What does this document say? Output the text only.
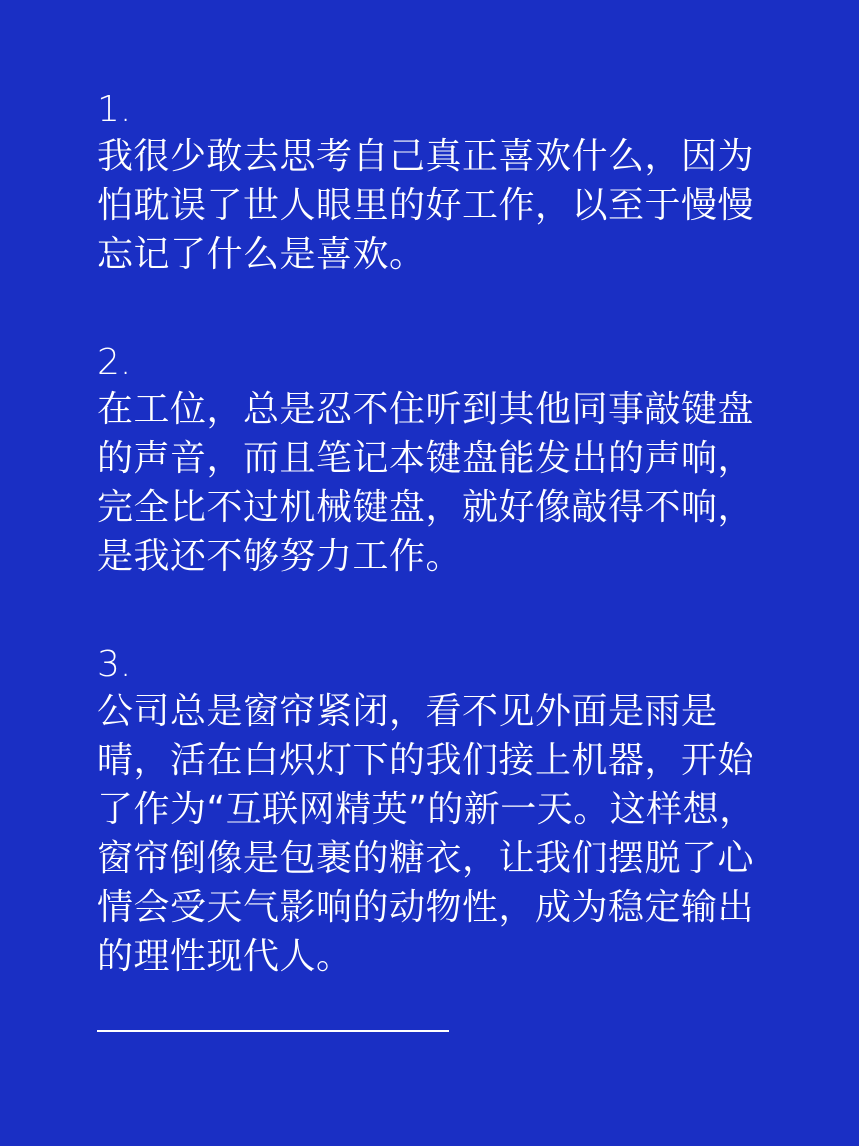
1.

我很少敢去思考自己真正喜欢什么，因为怕耽误了世人眼里的好工作，以至于慢慢忘记了什么是喜欢。

2.

在工位，总是忍不住听到其他同事敲键盘的声音，而且笔记本键盘能发出的声响，完全比不过机械键盘，就好像敲得不响，是我还不够努力工作。

3.

公司总是窗帘紧闭，看不见外面是雨是晴，活在白炽灯下的我们接上机器，开始了作为“互联网精英”的新一天。这样想，窗帘倒像是包裹的糖衣，让我们摆脱了心情会受天气影响的动物性，成为稳定输出的理性现代人。
